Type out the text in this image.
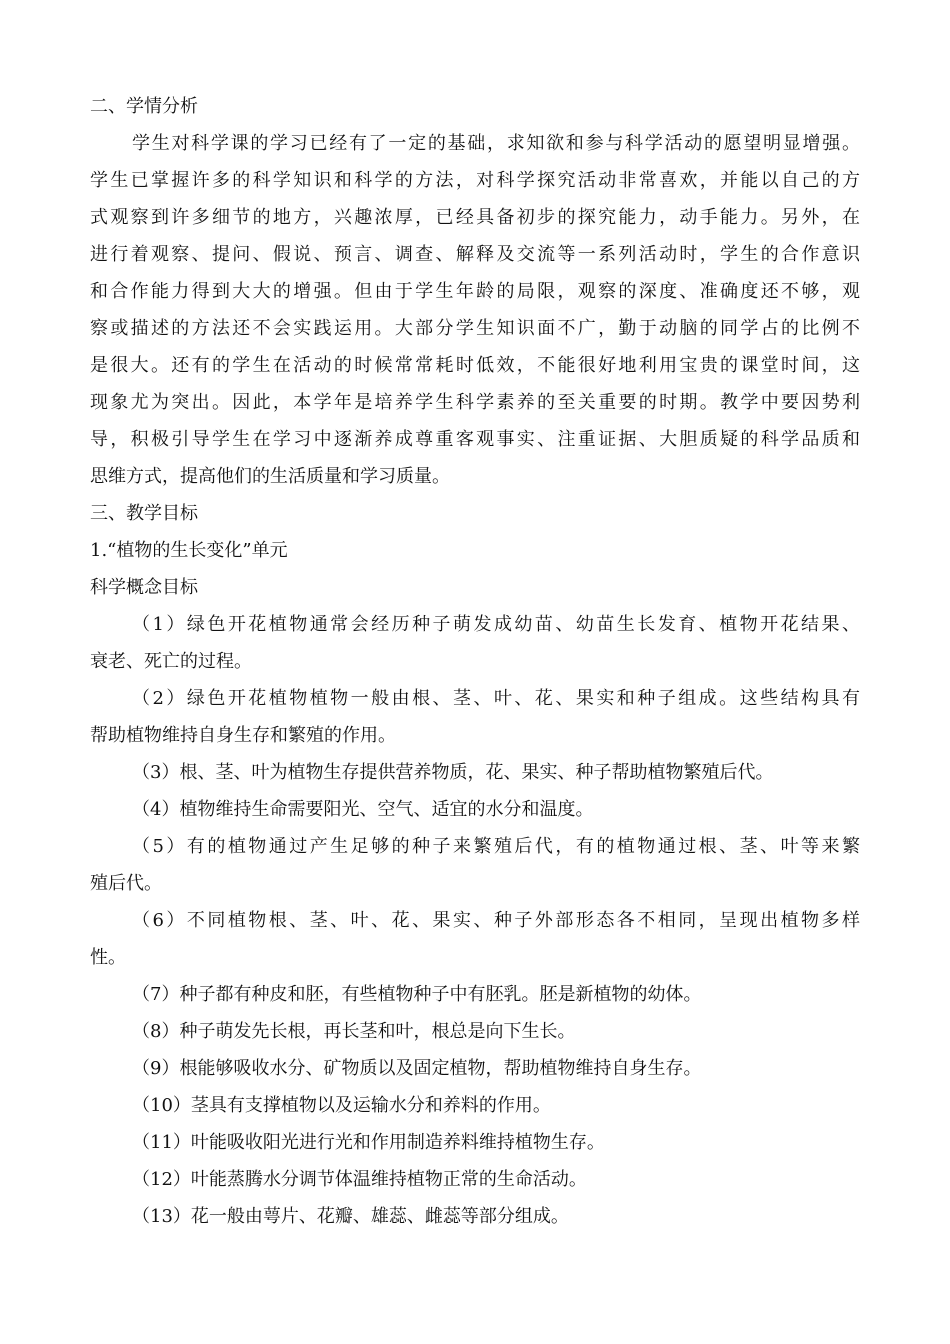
二、学情分析

学生对科学课的学习已经有了一定的基础，求知欲和参与科学活动的愿望明显增强。

学生已掌握许多的科学知识和科学的方法，对科学探究活动非常喜欢，并能以自己的方

式观察到许多细节的地方，兴趣浓厚，已经具备初步的探究能力，动手能力。另外，在

进行着观察、提问、假说、预言、调查、解释及交流等一系列活动时，学生的合作意识

和合作能力得到大大的增强。但由于学生年龄的局限，观察的深度、准确度还不够，观

察或描述的方法还不会实践运用。大部分学生知识面不广，勤于动脑的同学占的比例不

是很大。还有的学生在活动的时候常常耗时低效，不能很好地利用宝贵的课堂时间，这

现象尤为突出。因此，本学年是培养学生科学素养的至关重要的时期。教学中要因势利

导，积极引导学生在学习中逐渐养成尊重客观事实、注重证据、大胆质疑的科学品质和

思维方式，提高他们的生活质量和学习质量。

三、教学目标

1.“植物的生长变化”单元

科学概念目标

（1）绿色开花植物通常会经历种子萌发成幼苗、幼苗生长发育、植物开花结果、

衰老、死亡的过程。

（2）绿色开花植物植物一般由根、茎、叶、花、果实和种子组成。这些结构具有

帮助植物维持自身生存和繁殖的作用。

（3）根、茎、叶为植物生存提供营养物质，花、果实、种子帮助植物繁殖后代。

（4）植物维持生命需要阳光、空气、适宜的水分和温度。

（5）有的植物通过产生足够的种子来繁殖后代，有的植物通过根、茎、叶等来繁

殖后代。

（6）不同植物根、茎、叶、花、果实、种子外部形态各不相同，呈现出植物多样

性。

（7）种子都有种皮和胚，有些植物种子中有胚乳。胚是新植物的幼体。

（8）种子萌发先长根，再长茎和叶，根总是向下生长。

（9）根能够吸收水分、矿物质以及固定植物，帮助植物维持自身生存。

（10）茎具有支撑植物以及运输水分和养料的作用。

（11）叶能吸收阳光进行光和作用制造养料维持植物生存。

（12）叶能蒸腾水分调节体温维持植物正常的生命活动。

（13）花一般由萼片、花瓣、雄蕊、雌蕊等部分组成。
